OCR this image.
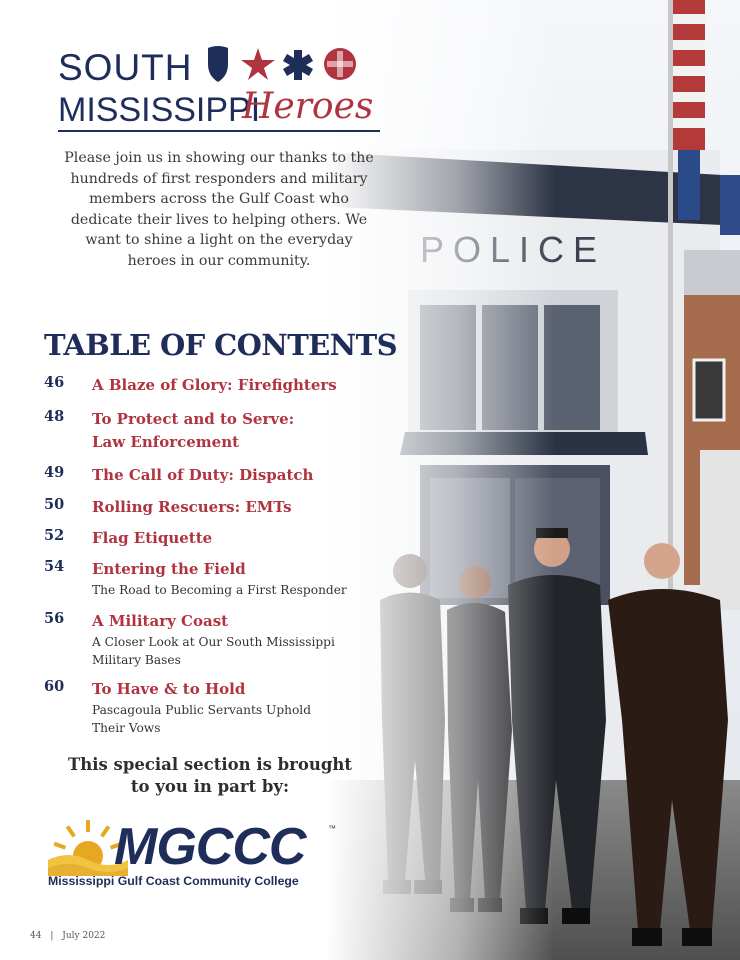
SOUTH
MISSISSIPPI
Heroes

Please join us in showing our thanks to the hundreds of first responders and military members across the Gulf Coast who dedicate their lives to helping others. We want to shine a light on the everyday heroes in our community.

TABLE OF CONTENTS
46	A Blaze of Glory: Firefighters
48	To Protect and to Serve: Law Enforcement
49	The Call of Duty: Dispatch
50	Rolling Rescuers: EMTs
52	Flag Etiquette
54	Entering the Field
The Road to Becoming a First Responder
56	A Military Coast
A Closer Look at Our South Mississippi Military Bases
60	To Have & to Hold
Pascagoula Public Servants Uphold Their Vows

This special section is brought to you in part by:

MGCCC	™
Mississippi Gulf Coast Community College
44 | July 2022
